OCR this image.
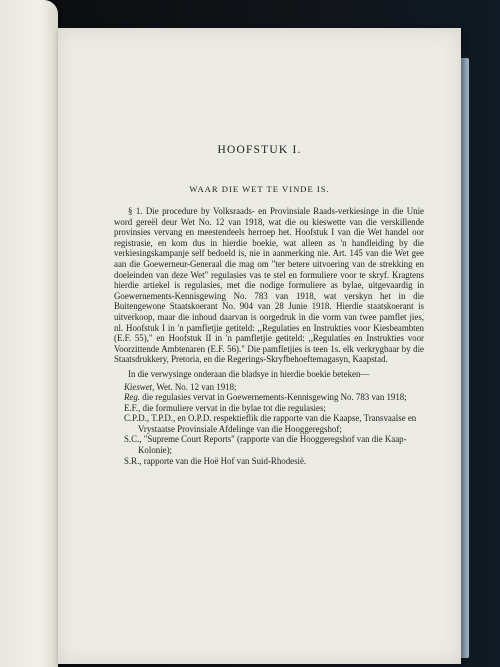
HOOFSTUK I.
WAAR DIE WET TE VINDE IS.

§ 1. Die procedure by Volksraads- en Provinsiale Raads-verkiesinge in die Unie word gereël deur Wet No. 12 van 1918, wat die ou kieswette van die verskillende provinsies vervang en meestendeels herroep het. Hoofstuk I van die Wet handel oor registrasie, en kom dus in hierdie boekie, wat alleen as 'n handleiding by die verkiesingskampanje self bedoeld is, nie in aanmerking nie. Art. 145 van die Wet gee aan die Goewerneur-Generaal die mag om "ter betere uitvoering van de strekking en doeleinden van deze Wet" regulasies vas te stel en formuliere voor te skryf. Kragtens hierdie artiekel is regulasies, met die nodige formuliere as bylae, uitgevaardig in Goewernements-Kennisgewing No. 783 van 1918, wat verskyn het in die Buitengewone Staatskoerant No. 904 van 28 Junie 1918. Hierdie staatskoerant is uitverkoop, maar die inhoud daarvan is oorgedruk in die vorm van twee pamflet jies, nl. Hoofstuk I in 'n pamfletjie getiteld: ,,Regulaties en Instrukties voor Kiesbeambten (E.F. 55)," en Hoofstuk II in 'n pamfletjie getiteld: ,,Regulaties en Instrukties voor Voorzittende Ambtenaren (E.F. 56)." Die pamfletjies is teen 1s. elk verkrygbaar by die Staatsdrukkery, Pretoria, en die Regerings-Skryfbehoeftemagasyn, Kaapstad.

In die verwysinge onderaan die bladsye in hierdie boekie beteken—

Kieswet, Wet. No. 12 van 1918;

Reg. die regulasies vervat in Goewernements-Kennisgewing No. 783 van 1918;

E.F., die formuliere vervat in die bylae tot die regulasies;

C.P.D., T.P.D., en O.P.D. respektieflik die rapporte van die Kaapse, Transvaalse en Vrystaatse Provinsiale Afdelinge van die Hooggeregshof;

S.C., "Supreme Court Reports" (rapporte van die Hooggeregshof van die Kaap-Kolonie);

S.R., rapporte van die Hoë Hof van Suid-Rhodesië.
